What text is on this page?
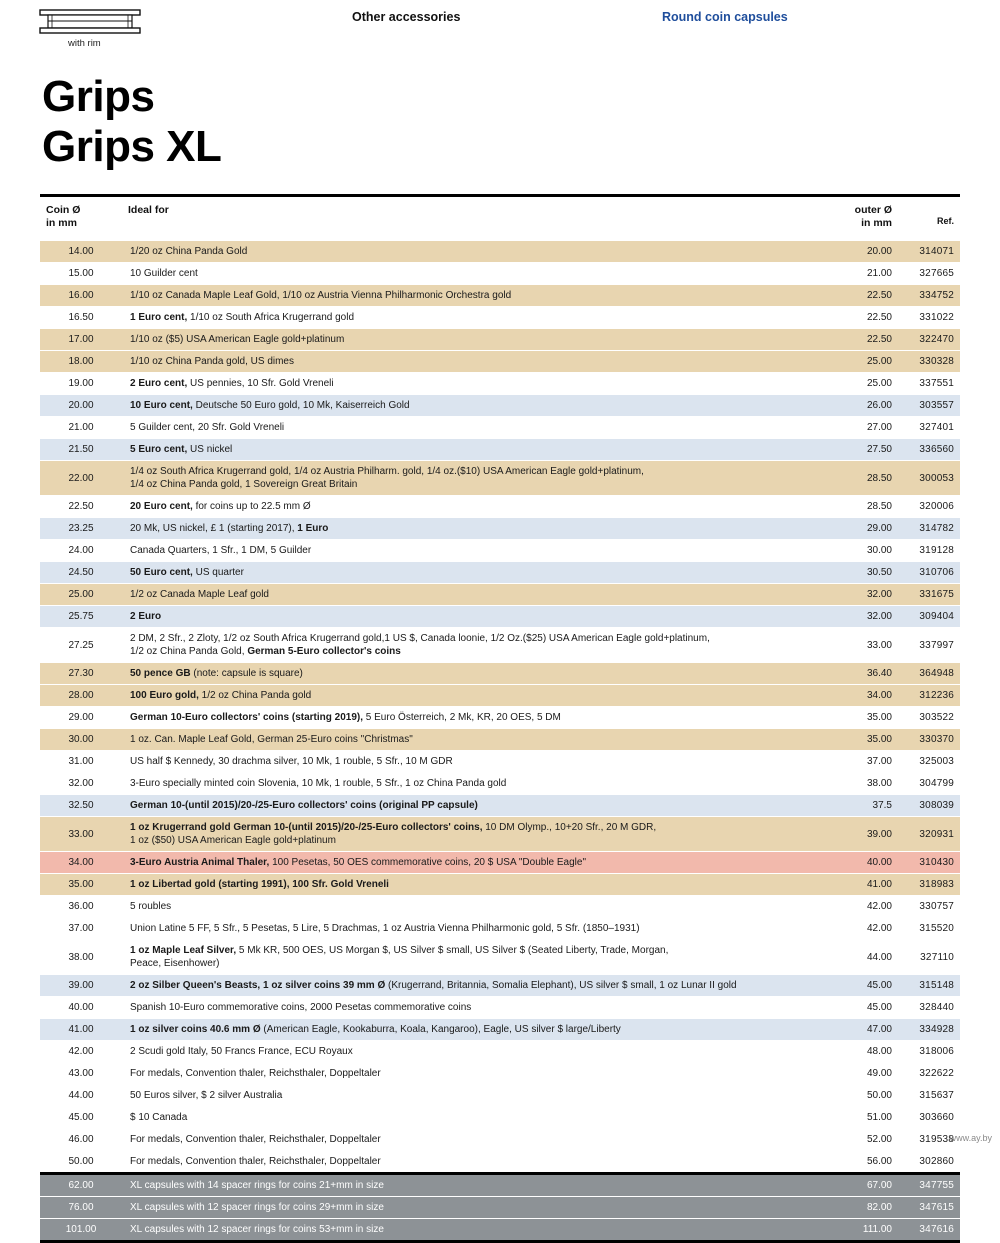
with rim
Other accessories	Round coin capsules
Grips
Grips XL
Coin Ø
in mm	Ideal for	outer Ø
in mm	Ref.
14.00	1/20 oz China Panda Gold	20.00	314071
15.00	10 Guilder cent	21.00	327665
16.00	1/10 oz Canada Maple Leaf Gold, 1/10 oz Austria Vienna Philharmonic Orchestra gold	22.50	334752
16.50	1 Euro cent, 1/10 oz South Africa Krugerrand gold	22.50	331022
17.00	1/10 oz ($5) USA American Eagle gold+platinum	22.50	322470
18.00	1/10 oz China Panda gold, US dimes	25.00	330328
19.00	2 Euro cent, US pennies, 10 Sfr. Gold Vreneli	25.00	337551
20.00	10 Euro cent, Deutsche 50 Euro gold, 10 Mk, Kaiserreich Gold	26.00	303557
21.00	5 Guilder cent, 20 Sfr. Gold Vreneli	27.00	327401
21.50	5 Euro cent, US nickel	27.50	336560
22.00	1/4 oz South Africa Krugerrand gold, 1/4 oz Austria Philharm. gold, 1/4 oz.($10) USA American Eagle gold+platinum,
1/4 oz China Panda gold, 1 Sovereign Great Britain	28.50	300053
22.50	20 Euro cent, for coins up to 22.5 mm Ø	28.50	320006
23.25	20 Mk, US nickel, £ 1 (starting 2017), 1 Euro	29.00	314782
24.00	Canada Quarters, 1 Sfr., 1 DM, 5 Guilder	30.00	319128
24.50	50 Euro cent, US quarter	30.50	310706
25.00	1/2 oz Canada Maple Leaf gold	32.00	331675
25.75	2 Euro	32.00	309404
27.25	2 DM, 2 Sfr., 2 Zloty, 1/2 oz South Africa Krugerrand gold,1 US $, Canada loonie, 1/2 Oz.($25) USA American Eagle gold+platinum,
1/2 oz China Panda Gold, German 5-Euro collector's coins	33.00	337997
27.30	50 pence GB (note: capsule is square)	36.40	364948
28.00	100 Euro gold, 1/2 oz China Panda gold	34.00	312236
29.00	German 10-Euro collectors' coins (starting 2019), 5 Euro Österreich, 2 Mk, KR, 20 OES, 5 DM	35.00	303522
30.00	1 oz. Can. Maple Leaf Gold, German 25-Euro coins "Christmas"	35.00	330370
31.00	US half $ Kennedy, 30 drachma silver, 10 Mk, 1 rouble, 5 Sfr., 10 M GDR	37.00	325003
32.00	3-Euro specially minted coin Slovenia, 10 Mk, 1 rouble, 5 Sfr., 1 oz China Panda gold	38.00	304799
32.50	German 10-(until 2015)/20-/25-Euro collectors' coins (original PP capsule)	37.5	308039
33.00	1 oz Krugerrand gold German 10-(until 2015)/20-/25-Euro collectors' coins, 10 DM Olymp., 10+20 Sfr., 20 M GDR,
1 oz ($50) USA American Eagle gold+platinum	39.00	320931
34.00	3-Euro Austria Animal Thaler, 100 Pesetas, 50 OES commemorative coins, 20 $ USA "Double Eagle"	40.00	310430
35.00	1 oz Libertad gold (starting 1991), 100 Sfr. Gold Vreneli	41.00	318983
36.00	5 roubles	42.00	330757
37.00	Union Latine 5 FF, 5 Sfr., 5 Pesetas, 5 Lire, 5 Drachmas, 1 oz Austria Vienna Philharmonic gold, 5 Sfr. (1850–1931)	42.00	315520
38.00	1 oz Maple Leaf Silver, 5 Mk KR, 500 OES, US Morgan $, US Silver $ small, US Silver $ (Seated Liberty, Trade, Morgan,
Peace, Eisenhower)	44.00	327110
39.00	2 oz Silber Queen's Beasts, 1 oz silver coins 39 mm Ø (Krugerrand, Britannia, Somalia Elephant), US silver $ small, 1 oz Lunar II gold	45.00	315148
40.00	Spanish 10-Euro commemorative coins, 2000 Pesetas commemorative coins	45.00	328440
41.00	1 oz silver coins 40.6 mm Ø (American Eagle, Kookaburra, Koala, Kangaroo), Eagle, US silver $ large/Liberty	47.00	334928
42.00	2 Scudi gold Italy, 50 Francs France, ECU Royaux	48.00	318006
43.00	For medals, Convention thaler, Reichsthaler, Doppeltaler	49.00	322622
44.00	50 Euros silver, $ 2 silver Australia	50.00	315637
45.00	$ 10 Canada	51.00	303660
46.00	For medals, Convention thaler, Reichsthaler, Doppeltaler	52.00	319538
50.00	For medals, Convention thaler, Reichsthaler, Doppeltaler	56.00	302860
62.00	XL capsules with 14 spacer rings for coins 21+mm in size	67.00	347755
76.00	XL capsules with 12 spacer rings for coins 29+mm in size	82.00	347615
101.00	XL capsules with 12 spacer rings for coins 53+mm in size	111.00	347616
www.ay.by
